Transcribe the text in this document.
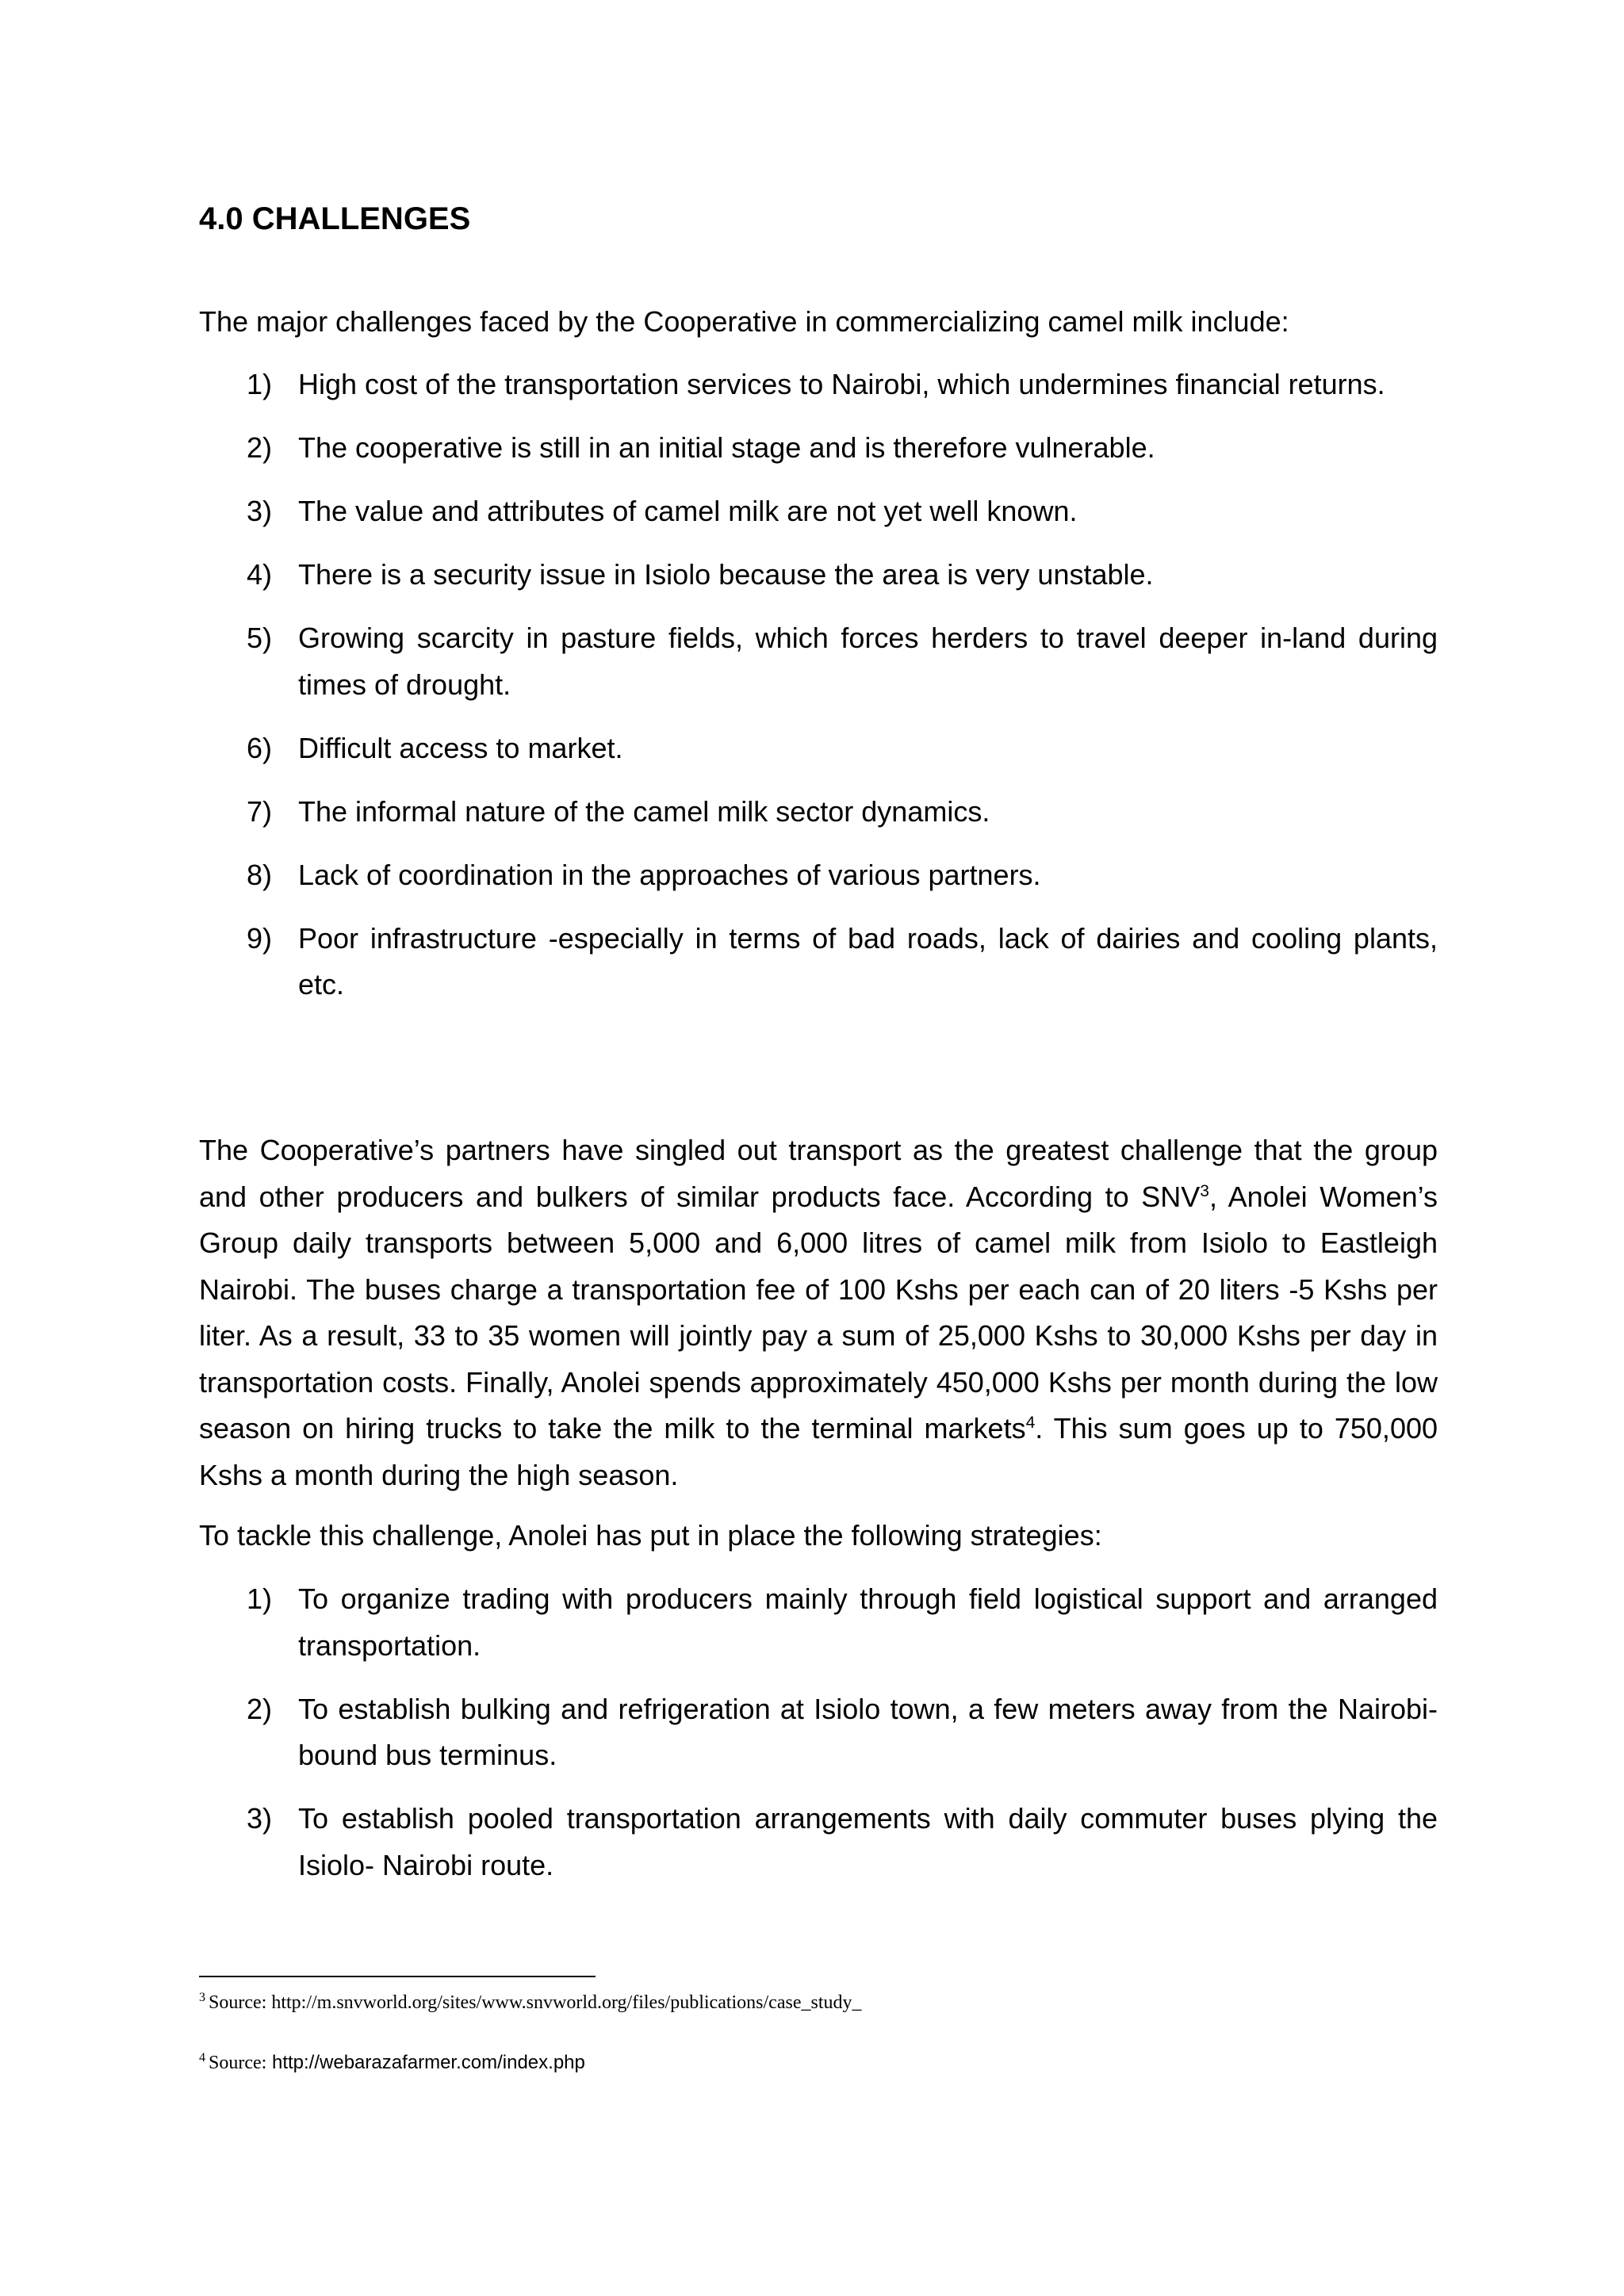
4.0 CHALLENGES

The major challenges faced by the Cooperative in commercializing camel milk include:

1) High cost of the transportation services to Nairobi, which undermines financial returns.
2) The cooperative is still in an initial stage and is therefore vulnerable.
3) The value and attributes of camel milk are not yet well known.
4) There is a security issue in Isiolo because the area is very unstable.
5) Growing scarcity in pasture fields, which forces herders to travel deeper in-land during times of drought.
6) Difficult access to market.
7) The informal nature of the camel milk sector dynamics.
8) Lack of coordination in the approaches of various partners.
9) Poor infrastructure -especially in terms of bad roads, lack of dairies and cooling plants, etc.

The Cooperative’s partners have singled out transport as the greatest challenge that the group and other producers and bulkers of similar products face. According to SNV$^3$, Anolei Women’s Group daily transports between 5,000 and 6,000 litres of camel milk from Isiolo to Eastleigh Nairobi. The buses charge a transportation fee of 100 Kshs per each can of 20 liters -5 Kshs per liter. As a result, 33 to 35 women will jointly pay a sum of 25,000 Kshs to 30,000 Kshs per day in transportation costs. Finally, Anolei spends approximately 450,000 Kshs per month during the low season on hiring trucks to take the milk to the terminal markets$^4$. This sum goes up to 750,000 Kshs a month during the high season.

To tackle this challenge, Anolei has put in place the following strategies:

1) To organize trading with producers mainly through field logistical support and arranged transportation.
2) To establish bulking and refrigeration at Isiolo town, a few meters away from the Nairobi-bound bus terminus.
3) To establish pooled transportation arrangements with daily commuter buses plying the Isiolo- Nairobi route.
$^3$ Source: http://m.snvworld.org/sites/www.snvworld.org/files/publications/case_study_
$^4$ Source: http://webarazafarmer.com/index.php
